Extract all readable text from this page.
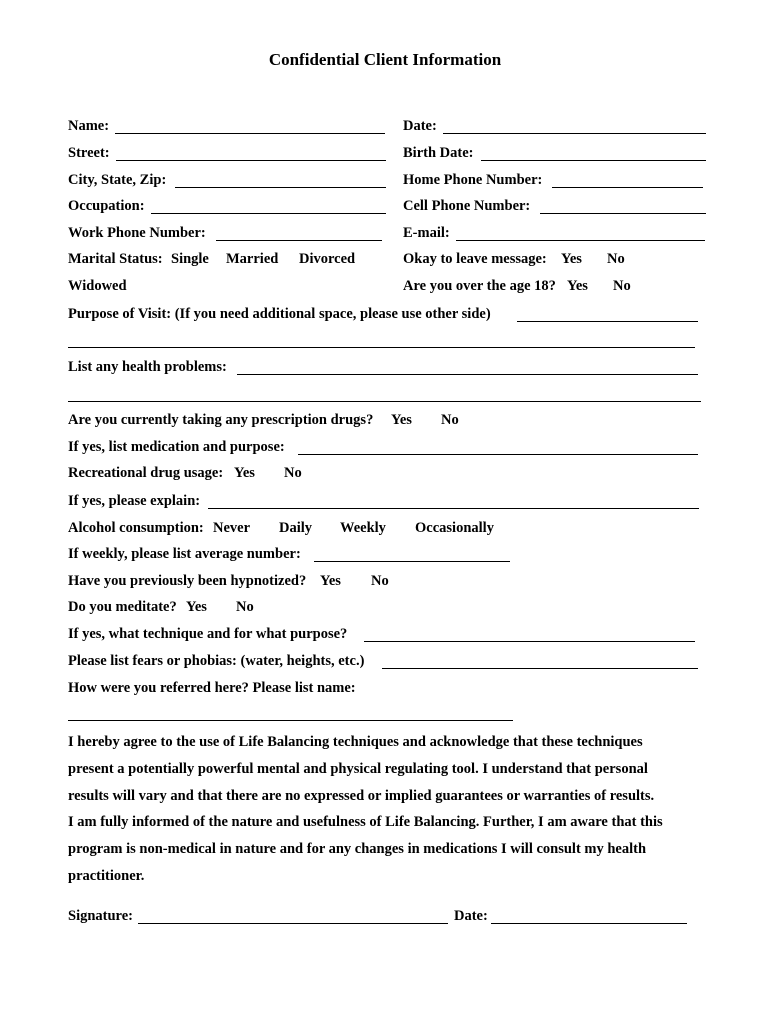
Confidential Client Information
Name:	Date:
Street:	Birth Date:
City, State, Zip:	Home Phone Number:
Occupation:	Cell Phone Number:
Work Phone Number:	E-mail:
Marital Status: Single Married Divorced	Okay to leave message: Yes No
Widowed	Are you over the age 18? Yes No
Purpose of Visit: (If you need additional space, please use other side)
List any health problems:
Are you currently taking any prescription drugs? Yes No
If yes, list medication and purpose:
Recreational drug usage: Yes No
If yes, please explain:
Alcohol consumption: Never Daily Weekly Occasionally
If weekly, please list average number:
Have you previously been hypnotized? Yes No
Do you meditate? Yes No
If yes, what technique and for what purpose?
Please list fears or phobias: (water, heights, etc.)
How were you referred here? Please list name:
I hereby agree to the use of Life Balancing techniques and acknowledge that these techniques
present a potentially powerful mental and physical regulating tool. I understand that personal
results will vary and that there are no expressed or implied guarantees or warranties of results.
I am fully informed of the nature and usefulness of Life Balancing. Further, I am aware that this
program is non-medical in nature and for any changes in medications I will consult my health
practitioner.
Signature:	Date:
